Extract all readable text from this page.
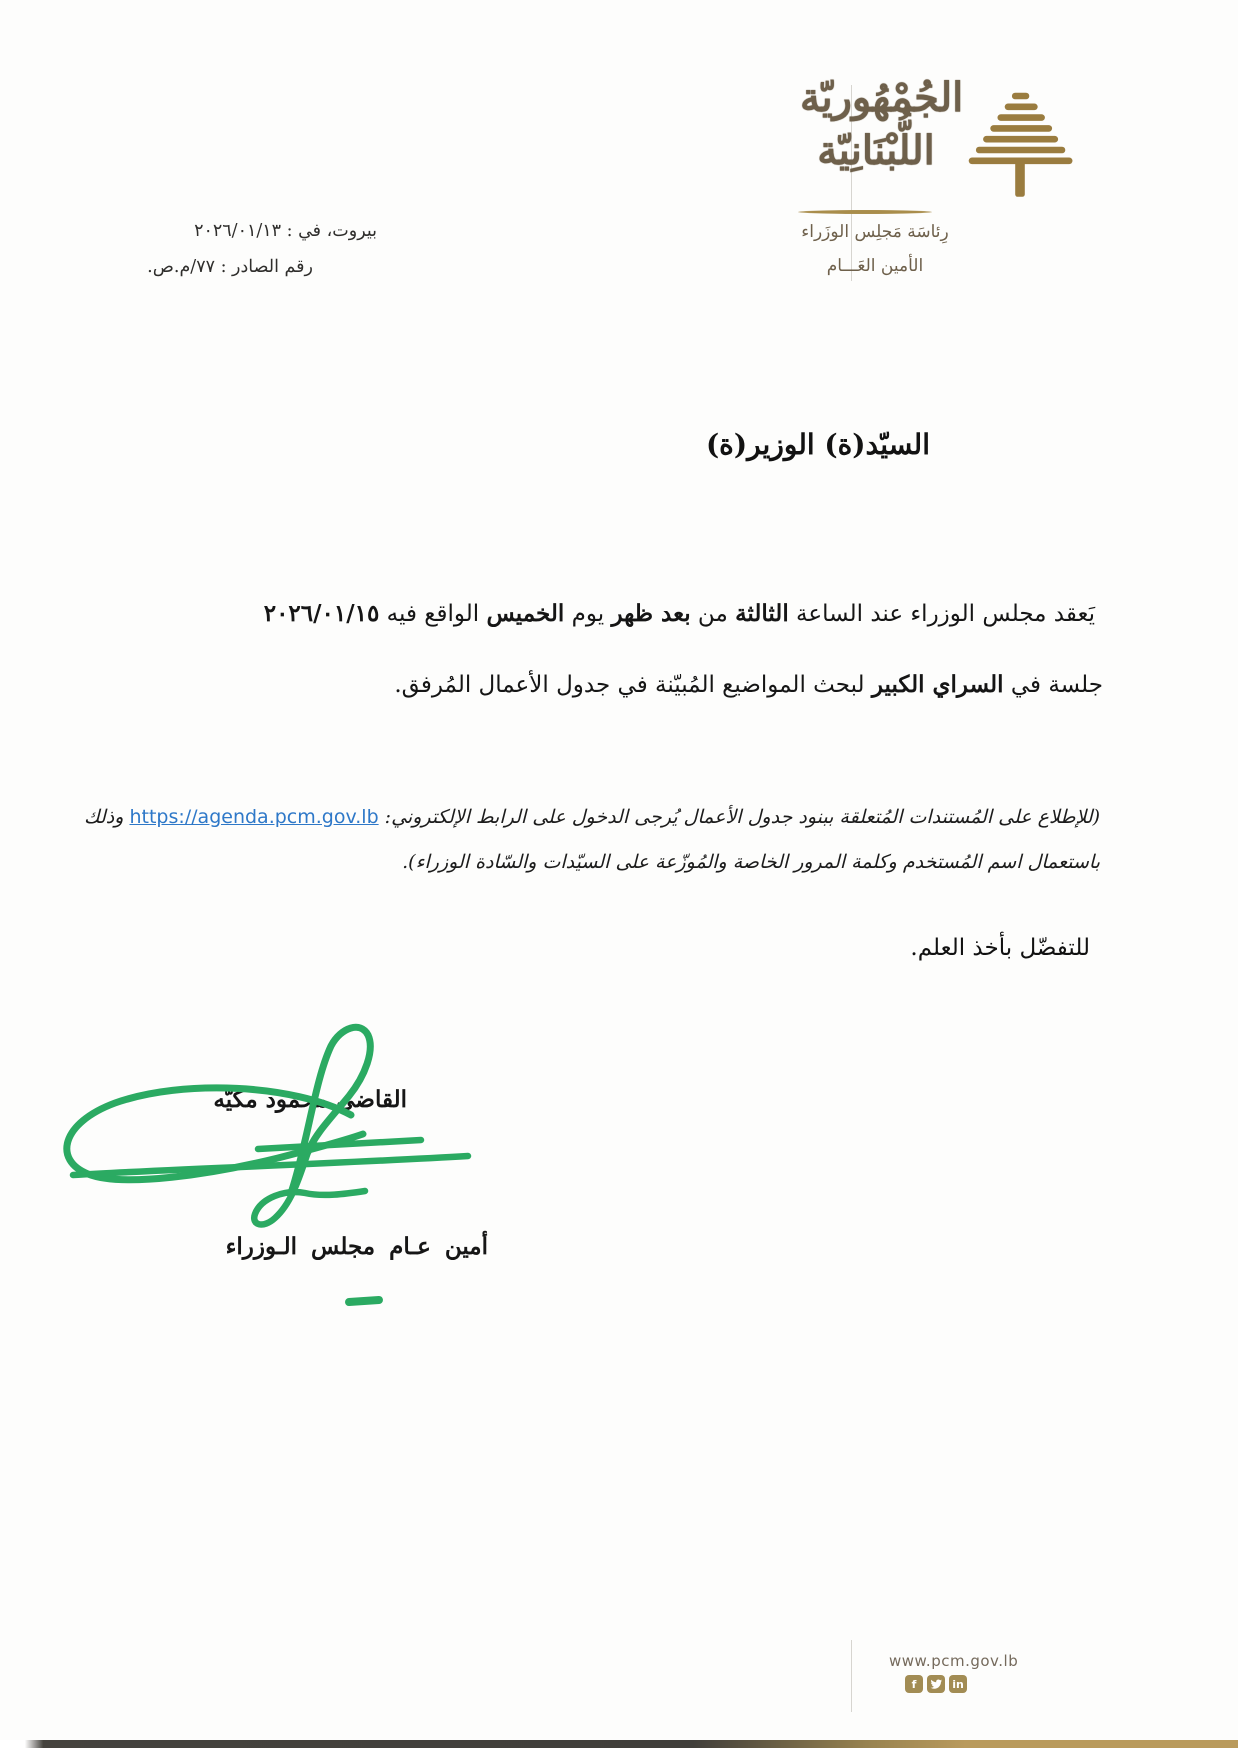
الجُمْهُوريّة
اللُّبْنَانِيّة
رِئاسَة مَجلِس الوزَراء
الأمين العَـــام
بيروت، في : ٢٠٢٦/٠١/١٣
رقم الصادر : ٧٧/م.ص.
السيّد(ة) الوزير(ة)
يَعقد مجلس الوزراء عند الساعة الثالثة من بعد ظهر يوم الخميس الواقع فيه ٢٠٢٦/٠١/١٥
جلسة في السراي الكبير لبحث المواضيع المُبيّنة في جدول الأعمال المُرفق.
(للإطلاع على المُستندات المُتعلقة ببنود جدول الأعمال يُرجى الدخول على الرابط الإلكتروني: https://agenda.pcm.gov.lb وذلك
باستعمال اسم المُستخدم وكلمة المرور الخاصة والمُوزّعة على السيّدات والسّادة الوزراء).
للتفضّل بأخذ العلم.
القاضي محمود مكيّه
أمين عـام مجلس الـوزراء
www.pcm.gov.lb
f	in
